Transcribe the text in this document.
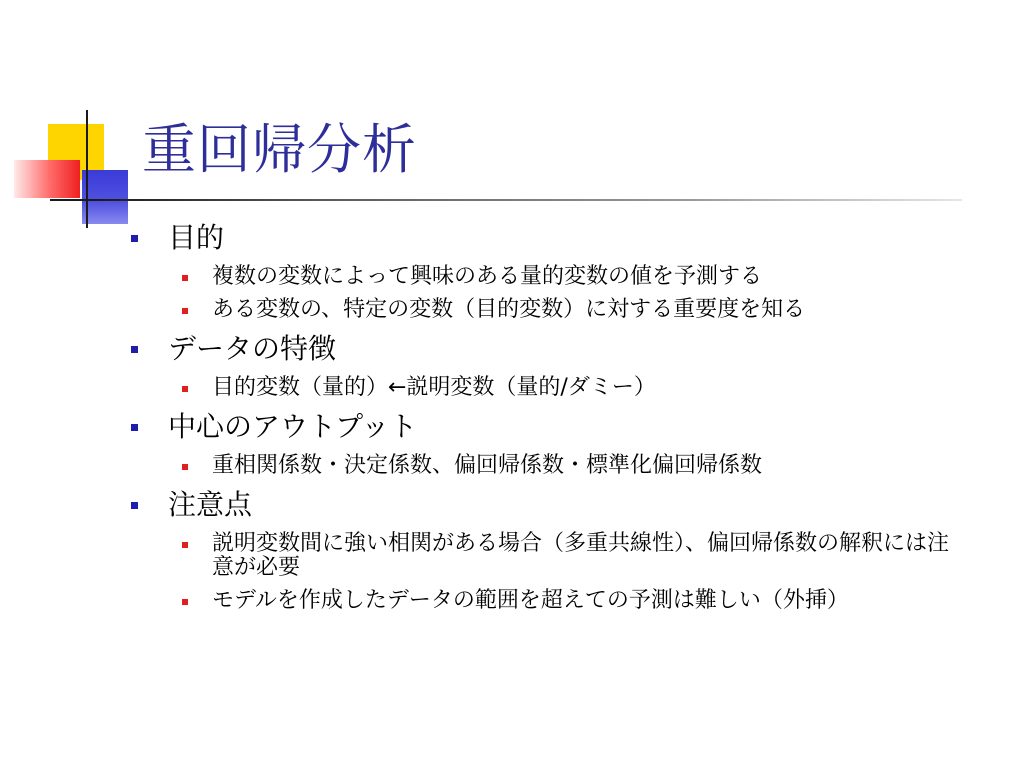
重回帰分析
目的
複数の変数によって興味のある量的変数の値を予測する
ある変数の、特定の変数（目的変数）に対する重要度を知る
データの特徴
目的変数（量的）←説明変数（量的/ダミー）
中心のアウトプット
重相関係数・決定係数、偏回帰係数・標準化偏回帰係数
注意点
説明変数間に強い相関がある場合（多重共線性）、偏回帰係数の解釈には注意が必要
モデルを作成したデータの範囲を超えての予測は難しい（外挿）
